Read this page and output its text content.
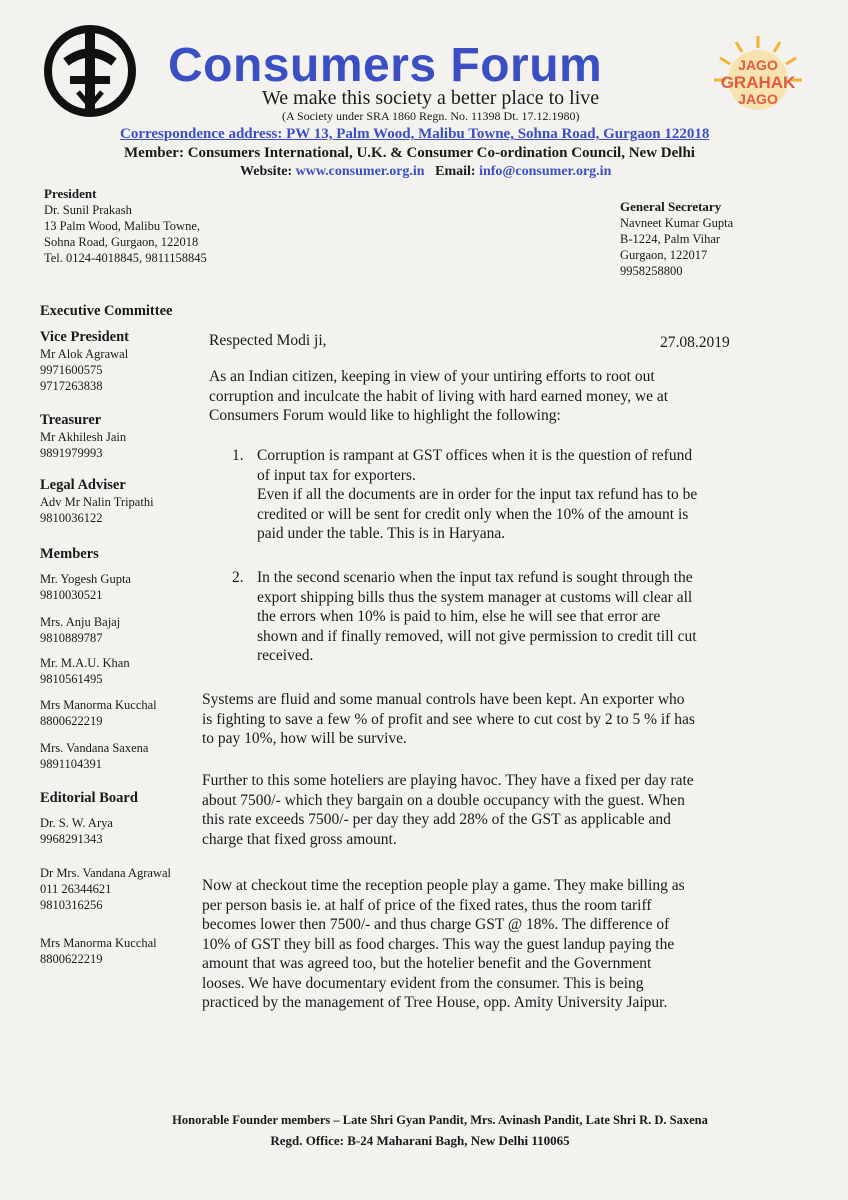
Consumers Forum
We make this society a better place to live
(A Society under SRA 1860 Regn. No. 11398 Dt. 17.12.1980)
Correspondence address: PW 13, Palm Wood, Malibu Towne, Sohna Road, Gurgaon 122018
Member: Consumers International, U.K. & Consumer Co-ordination Council, New Delhi
Website: www.consumer.org.in Email: info@consumer.org.in
JAGO
GRAHAK
JAGO
President
Dr. Sunil Prakash
13 Palm Wood, Malibu Towne,
Sohna Road, Gurgaon, 122018
Tel. 0124-4018845, 9811158845
General Secretary
Navneet Kumar Gupta
B-1224, Palm Vihar
Gurgaon, 122017
9958258800
Executive Committee
Vice President
Mr Alok Agrawal
9971600575
9717263838
Treasurer
Mr Akhilesh Jain
9891979993
Legal Adviser
Adv Mr Nalin Tripathi
9810036122
Members
Mr. Yogesh Gupta
9810030521
Mrs. Anju Bajaj
9810889787
Mr. M.A.U. Khan
9810561495
Mrs Manorma Kucchal
8800622219
Mrs. Vandana Saxena
9891104391
Editorial Board
Dr. S. W. Arya
9968291343
Dr Mrs. Vandana Agrawal
011 26344621
9810316256
Mrs Manorma Kucchal
8800622219
Respected Modi ji,	27.08.2019
As an Indian citizen, keeping in view of your untiring efforts to root out
corruption and inculcate the habit of living with hard earned money, we at
Consumers Forum would like to highlight the following:
1. Corruption is rampant at GST offices when it is the question of refund
of input tax for exporters.
Even if all the documents are in order for the input tax refund has to be
credited or will be sent for credit only when the 10% of the amount is
paid under the table. This is in Haryana.
2. In the second scenario when the input tax refund is sought through the
export shipping bills thus the system manager at customs will clear all
the errors when 10% is paid to him, else he will see that error are
shown and if finally removed, will not give permission to credit till cut
received.
Systems are fluid and some manual controls have been kept. An exporter who
is fighting to save a few % of profit and see where to cut cost by 2 to 5 % if has
to pay 10%, how will be survive.
Further to this some hoteliers are playing havoc. They have a fixed per day rate
about 7500/- which they bargain on a double occupancy with the guest. When
this rate exceeds 7500/- per day they add 28% of the GST as applicable and
charge that fixed gross amount.
Now at checkout time the reception people play a game. They make billing as
per person basis ie. at half of price of the fixed rates, thus the room tariff
becomes lower then 7500/- and thus charge GST @ 18%. The difference of
10% of GST they bill as food charges. This way the guest landup paying the
amount that was agreed too, but the hotelier benefit and the Government
looses. We have documentary evident from the consumer. This is being
practiced by the management of Tree House, opp. Amity University Jaipur.
Honorable Founder members – Late Shri Gyan Pandit, Mrs. Avinash Pandit, Late Shri R. D. Saxena
Regd. Office: B-24 Maharani Bagh, New Delhi 110065
